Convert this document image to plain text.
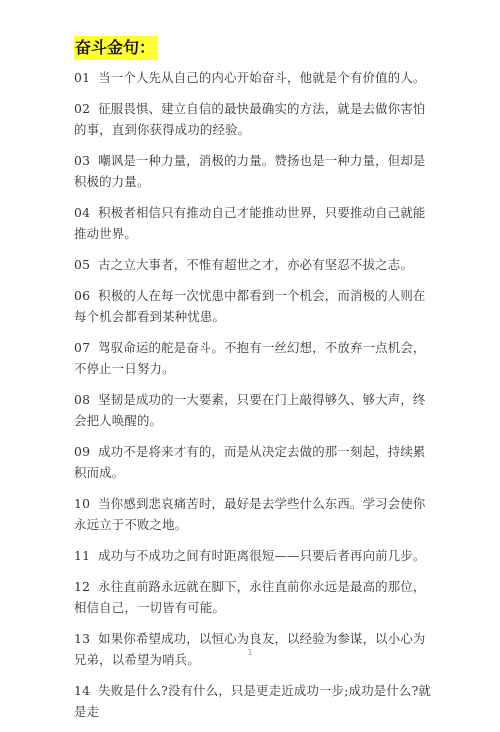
奋斗金句：

01 当一个人先从自己的内心开始奋斗，他就是个有价值的人。

02 征服畏惧、建立自信的最快最确实的方法，就是去做你害怕的事，直到你获得成功的经验。

03 嘲讽是一种力量，消极的力量。赞扬也是一种力量，但却是积极的力量。

04 积极者相信只有推动自己才能推动世界，只要推动自己就能推动世界。

05 古之立大事者，不惟有超世之才，亦必有坚忍不拔之志。

06 积极的人在每一次忧患中都看到一个机会，而消极的人则在每个机会都看到某种忧患。

07 驾驭命运的舵是奋斗。不抱有一丝幻想，不放弃一点机会，不停止一日努力。

08 坚韧是成功的一大要素，只要在门上敲得够久、够大声，终会把人唤醒的。

09 成功不是将来才有的，而是从决定去做的那一刻起，持续累积而成。

10 当你感到悲哀痛苦时，最好是去学些什么东西。学习会使你永远立于不败之地。

11 成功与不成功之间有时距离很短——只要后者再向前几步。

12 永往直前路永远就在脚下，永往直前你永远是最高的那位，相信自己，一切皆有可能。

13 如果你希望成功，以恒心为良友，以经验为参谋，以小心为兄弟，以希望为哨兵。

14 失败是什么?没有什么，只是更走近成功一步;成功是什么?就是走

1
